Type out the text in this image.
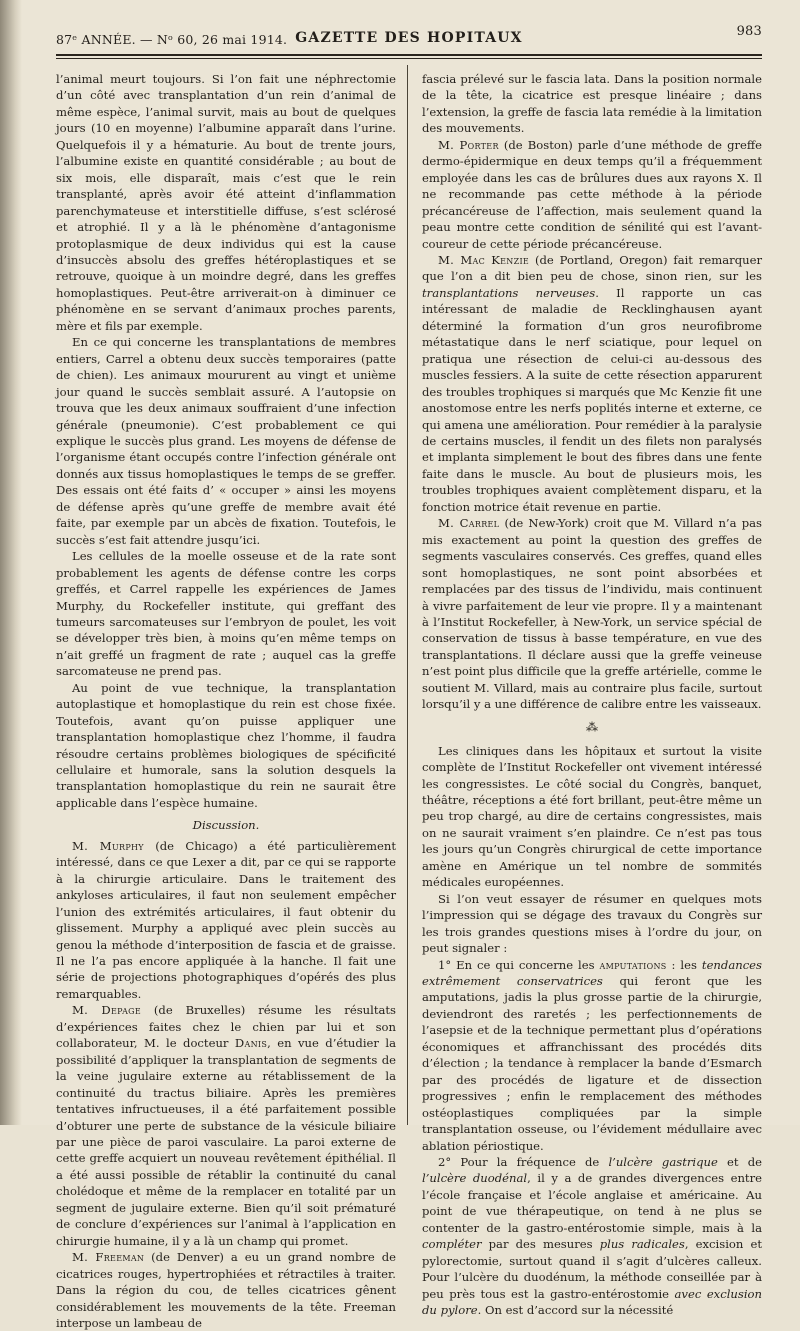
87ᵉ ANNÉE. — Nᵒ 60, 26 mai 1914. GAZETTE DES HOPITAUX	983

l’animal meurt toujours. Si l’on fait une néphrectomie d’un côté avec transplantation d’un rein d’animal de même espèce, l’animal survit, mais au bout de quelques jours (10 en moyenne) l’albumine apparaît dans l’urine. Quelquefois il y a hématurie. Au bout de trente jours, l’albumine existe en quantité considérable ; au bout de six mois, elle disparaît, mais c’est que le rein transplanté, après avoir été atteint d’inflammation parenchymateuse et interstitielle diffuse, s’est sclérosé et atrophié. Il y a là le phénomène d’antagonisme protoplasmique de deux individus qui est la cause d’insuccès absolu des greffes hétéroplastiques et se retrouve, quoique à un moindre degré, dans les greffes homoplastiques. Peut-être arriverait-on à diminuer ce phénomène en se servant d’animaux proches parents, mère et fils par exemple.

En ce qui concerne les transplantations de membres entiers, Carrel a obtenu deux succès temporaires (patte de chien). Les animaux moururent au vingt et unième jour quand le succès semblait assuré. A l’autopsie on trouva que les deux animaux souffraient d’une infection générale (pneumonie). C’est probablement ce qui explique le succès plus grand. Les moyens de défense de l’organisme étant occupés contre l’infection générale ont donnés aux tissus homoplastiques le temps de se greffer. Des essais ont été faits d’ « occuper » ainsi les moyens de défense après qu’une greffe de membre avait été faite, par exemple par un abcès de fixation. Toutefois, le succès s’est fait attendre jusqu’ici.

Les cellules de la moelle osseuse et de la rate sont probablement les agents de défense contre les corps greffés, et Carrel rappelle les expériences de James Murphy, du Rockefeller institute, qui greffant des tumeurs sarcomateuses sur l’embryon de poulet, les voit se développer très bien, à moins qu’en même temps on n’ait greffé un fragment de rate ; auquel cas la greffe sarcomateuse ne prend pas.

Au point de vue technique, la transplantation autoplastique et homoplastique du rein est chose fixée. Toutefois, avant qu’on puisse appliquer une transplantation homoplastique chez l’homme, il faudra résoudre certains problèmes biologiques de spécificité cellulaire et humorale, sans la solution desquels la transplantation homoplastique du rein ne saurait être applicable dans l’espèce humaine.

Discussion.

M. Murphy (de Chicago) a été particulièrement intéressé, dans ce que Lexer a dit, par ce qui se rapporte à la chirurgie articulaire. Dans le traitement des ankyloses articulaires, il faut non seulement empêcher l’union des extrémités articulaires, il faut obtenir du glissement. Murphy a appliqué avec plein succès au genou la méthode d’interposition de fascia et de graisse. Il ne l’a pas encore appliquée à la hanche. Il fait une série de projections photographiques d’opérés des plus remarquables.

M. Depage (de Bruxelles) résume les résultats d’expériences faites chez le chien par lui et son collaborateur, M. le docteur Danis, en vue d’étudier la possibilité d’appliquer la transplantation de segments de la veine jugulaire externe au rétablissement de la continuité du tractus biliaire. Après les premières tentatives infructueuses, il a été parfaitement possible d’obturer une perte de substance de la vésicule biliaire par une pièce de paroi vasculaire. La paroi externe de cette greffe acquiert un nouveau revêtement épithélial. Il a été aussi possible de rétablir la continuité du canal cholédoque et même de la remplacer en totalité par un segment de jugulaire externe. Bien qu’il soit prématuré de conclure d’expériences sur l’animal à l’application en chirurgie humaine, il y a là un champ qui promet.

M. Freeman (de Denver) a eu un grand nombre de cicatrices rouges, hypertrophiées et rétractiles à traiter. Dans la région du cou, de telles cicatrices gênent considérablement les mouvements de la tête. Freeman interpose un lambeau de

fascia prélevé sur le fascia lata. Dans la position normale de la tête, la cicatrice est presque linéaire ; dans l’extension, la greffe de fascia lata remédie à la limitation des mouvements.

M. Porter (de Boston) parle d’une méthode de greffe dermo-épidermique en deux temps qu’il a fréquemment employée dans les cas de brûlures dues aux rayons X. Il ne recommande pas cette méthode à la période précancéreuse de l’affection, mais seulement quand la peau montre cette condition de sénilité qui est l’avant-coureur de cette période précancéreuse.

M. Mac Kenzie (de Portland, Oregon) fait remarquer que l’on a dit bien peu de chose, sinon rien, sur les transplantations nerveuses. Il rapporte un cas intéressant de maladie de Recklinghausen ayant déterminé la formation d’un gros neurofibrome métastatique dans le nerf sciatique, pour lequel on pratiqua une résection de celui-ci au-dessous des muscles fessiers. A la suite de cette résection apparurent des troubles trophiques si marqués que Mc Kenzie fit une anostomose entre les nerfs poplités interne et externe, ce qui amena une amélioration. Pour remédier à la paralysie de certains muscles, il fendit un des filets non paralysés et implanta simplement le bout des fibres dans une fente faite dans le muscle. Au bout de plusieurs mois, les troubles trophiques avaient complètement disparu, et la fonction motrice était revenue en partie.

M. Carrel (de New-York) croit que M. Villard n’a pas mis exactement au point la question des greffes de segments vasculaires conservés. Ces greffes, quand elles sont homoplastiques, ne sont point absorbées et remplacées par des tissus de l’individu, mais continuent à vivre parfaitement de leur vie propre. Il y a maintenant à l’Institut Rockefeller, à New-York, un service spécial de conservation de tissus à basse température, en vue des transplantations. Il déclare aussi que la greffe veineuse n’est point plus difficile que la greffe artérielle, comme le soutient M. Villard, mais au contraire plus facile, surtout lorsqu’il y a une différence de calibre entre les vaisseaux.

⁂

Les cliniques dans les hôpitaux et surtout la visite complète de l’Institut Rockefeller ont vivement intéressé les congressistes. Le côté social du Congrès, banquet, théâtre, réceptions a été fort brillant, peut-être même un peu trop chargé, au dire de certains congressistes, mais on ne saurait vraiment s’en plaindre. Ce n’est pas tous les jours qu’un Congrès chirurgical de cette importance amène en Amérique un tel nombre de sommités médicales européennes.

Si l’on veut essayer de résumer en quelques mots l’impression qui se dégage des travaux du Congrès sur les trois grandes questions mises à l’ordre du jour, on peut signaler :

1° En ce qui concerne les amputations : les tendances extrêmement conservatrices qui feront que les amputations, jadis la plus grosse partie de la chirurgie, deviendront des raretés ; les perfectionnements de l’asepsie et de la technique permettant plus d’opérations économiques et affranchissant des procédés dits d’élection ; la tendance à remplacer la bande d’Esmarch par des procédés de ligature et de dissection progressives ; enfin le remplacement des méthodes ostéoplastiques compliquées par la simple transplantation osseuse, ou l’évidement médullaire avec ablation périostique.

2° Pour la fréquence de l’ulcère gastrique et de l’ulcère duodénal, il y a de grandes divergences entre l’école française et l’école anglaise et américaine. Au point de vue thérapeutique, on tend à ne plus se contenter de la gastro-entérostomie simple, mais à la compléter par des mesures plus radicales, excision et pylorectomie, surtout quand il s’agit d’ulcères calleux. Pour l’ulcère du duodénum, la méthode conseillée par à peu près tous est la gastro-entérostomie avec exclusion du pylore. On est d’accord sur la nécessité
